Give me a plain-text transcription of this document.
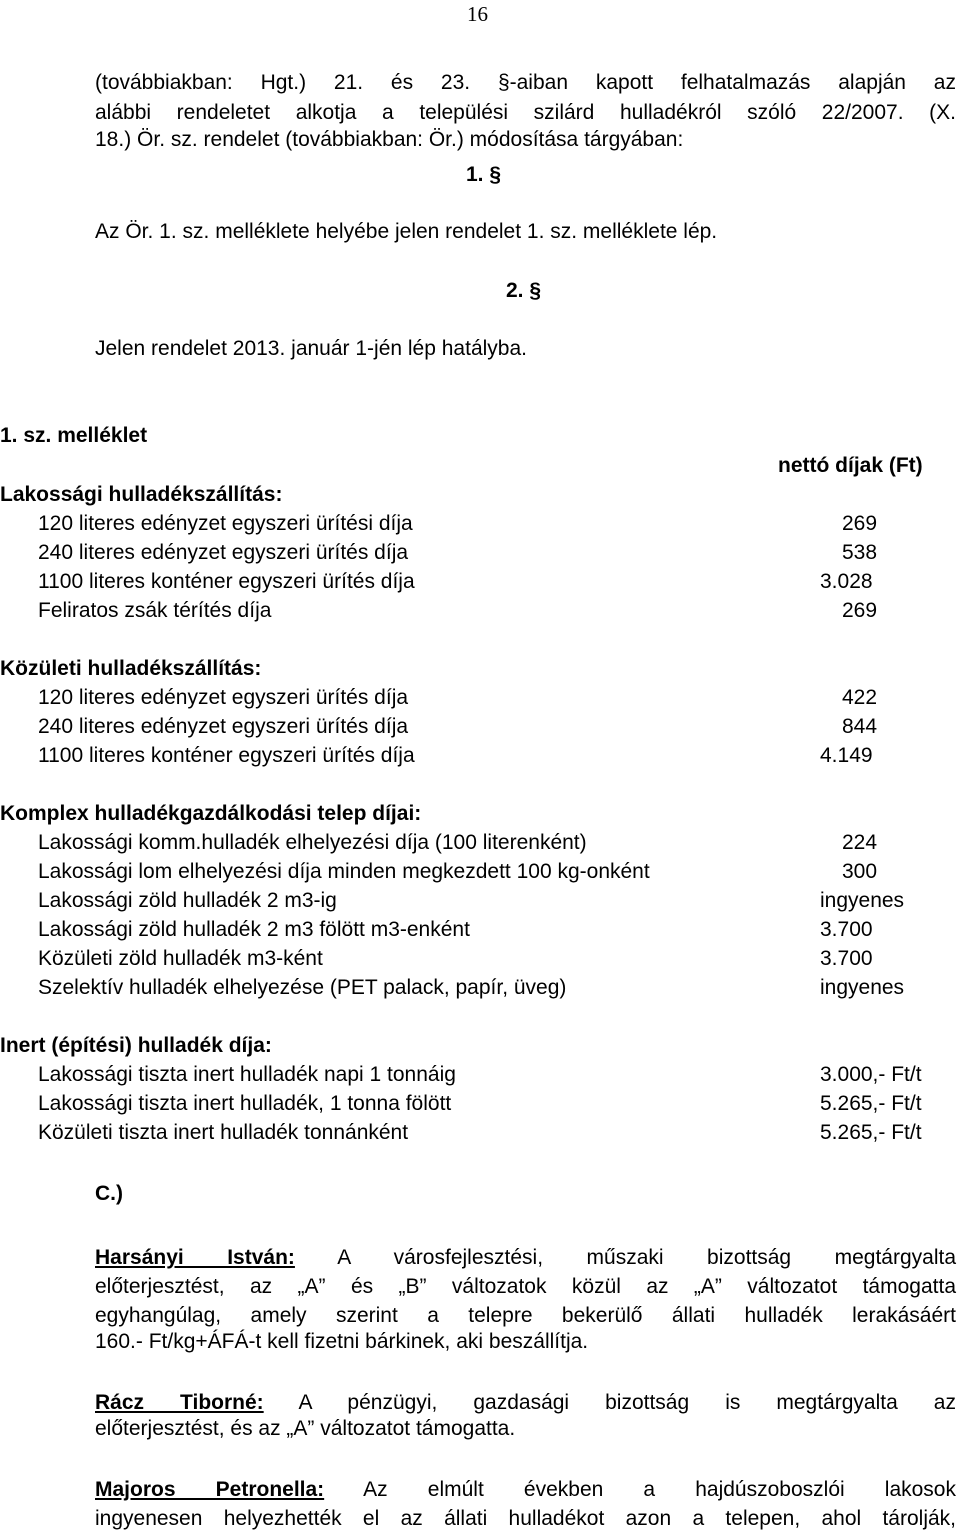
16
(továbbiakban: Hgt.) 21. és 23. §-aiban kapott felhatalmazás alapján az
alábbi rendeletet alkotja a települési szilárd hulladékról szóló 22/2007. (X.
18.) Ör. sz. rendelet (továbbiakban: Ör.) módosítása tárgyában:
1. §
Az Ör. 1. sz. melléklete helyébe jelen rendelet 1. sz. melléklete lép.
2. §
Jelen rendelet 2013. január 1-jén lép hatályba.
1. sz. melléklet
nettó díjak (Ft)
Lakossági hulladékszállítás:
120 literes edényzet egyszeri ürítési díja	269
240 literes edényzet egyszeri ürítés díja	538
1100 literes konténer egyszeri ürítés díja	3.028
Feliratos zsák térítés díja	269
Közületi hulladékszállítás:
120 literes edényzet egyszeri ürítés díja	422
240 literes edényzet egyszeri ürítés díja	844
1100 literes konténer egyszeri ürítés díja	4.149
Komplex hulladékgazdálkodási telep díjai:
Lakossági komm.hulladék elhelyezési díja (100 literenként)	224
Lakossági lom elhelyezési díja minden megkezdett 100 kg-onként	300
Lakossági zöld hulladék 2 m3-ig	ingyenes
Lakossági zöld hulladék 2 m3 fölött m3-enként	3.700
Közületi zöld hulladék m3-ként	3.700
Szelektív hulladék elhelyezése (PET palack, papír, üveg)	ingyenes
Inert (építési) hulladék díja:
Lakossági tiszta inert hulladék napi 1 tonnáig	3.000,- Ft/t
Lakossági tiszta inert hulladék, 1 tonna fölött	5.265,- Ft/t
Közületi tiszta inert hulladék tonnánként	5.265,- Ft/t
C.)
Harsányi István: A városfejlesztési, műszaki bizottság megtárgyalta
előterjesztést, az „A” és „B” változatok közül az „A” változatot támogatta
egyhangúlag, amely szerint a telepre bekerülő állati hulladék lerakásáért
160.- Ft/kg+ÁFÁ-t kell fizetni bárkinek, aki beszállítja.
Rácz Tiborné: A pénzügyi, gazdasági bizottság is megtárgyalta az
előterjesztést, és az „A” változatot támogatta.
Majoros Petronella: Az elmúlt években a hajdúszoboszlói lakosok
ingyenesen helyezhették el az állati hulladékot azon a telepen, ahol tárolják,
